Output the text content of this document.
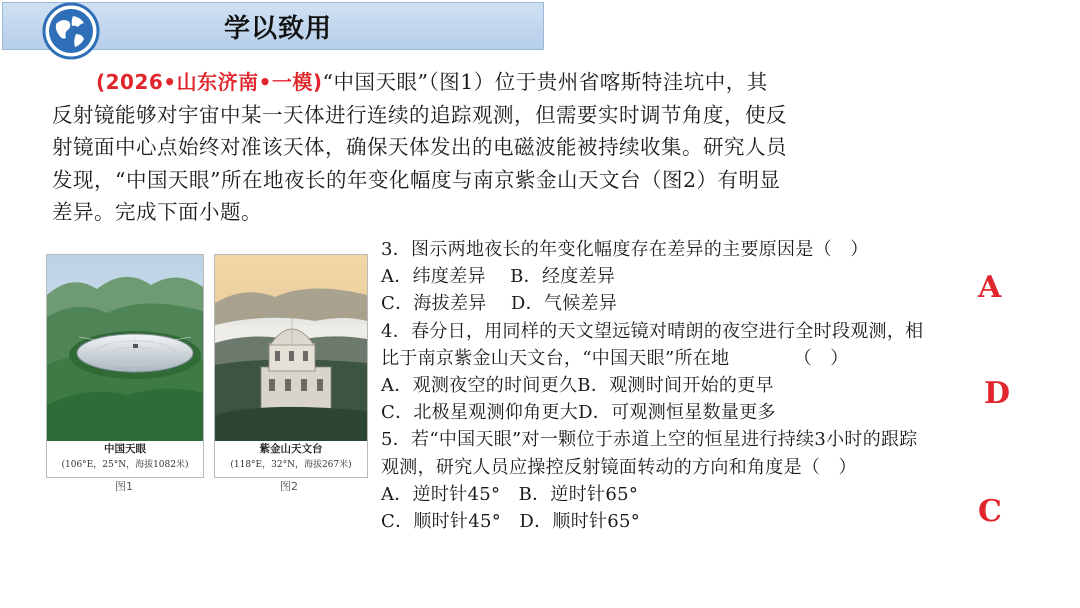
学以致用
(2026•山东济南•一模)“中国天眼”（图1）位于贵州省喀斯特洼坑中，其
反射镜能够对宇宙中某一天体进行连续的追踪观测，但需要实时调节角度，使反
射镜面中心点始终对准该天体，确保天体发出的电磁波能被持续收集。研究人员
发现，“中国天眼”所在地夜长的年变化幅度与南京紫金山天文台（图2）有明显
差异。完成下面小题。
中国天眼
(106°E，25°N，海拔1082米)
图1
紫金山天文台
(118°E，32°N，海拔267米)
图2
3．图示两地夜长的年变化幅度存在差异的主要原因是（　）
A．纬度差异　 B．经度差异
C．海拔差异　 D．气候差异
4．春分日，用同样的天文望远镜对晴朗的夜空进行全时段观测，相
比于南京紫金山天文台，“中国天眼”所在地　　　　（　）
A．观测夜空的时间更久B．观测时间开始的更早
C．北极星观测仰角更大D．可观测恒星数量更多
5．若“中国天眼”对一颗位于赤道上空的恒星进行持续3小时的跟踪
观测，研究人员应操控反射镜面转动的方向和角度是（　）
A．逆时针45°　B．逆时针65°
C．顺时针45°　D．顺时针65°
A
D
C
